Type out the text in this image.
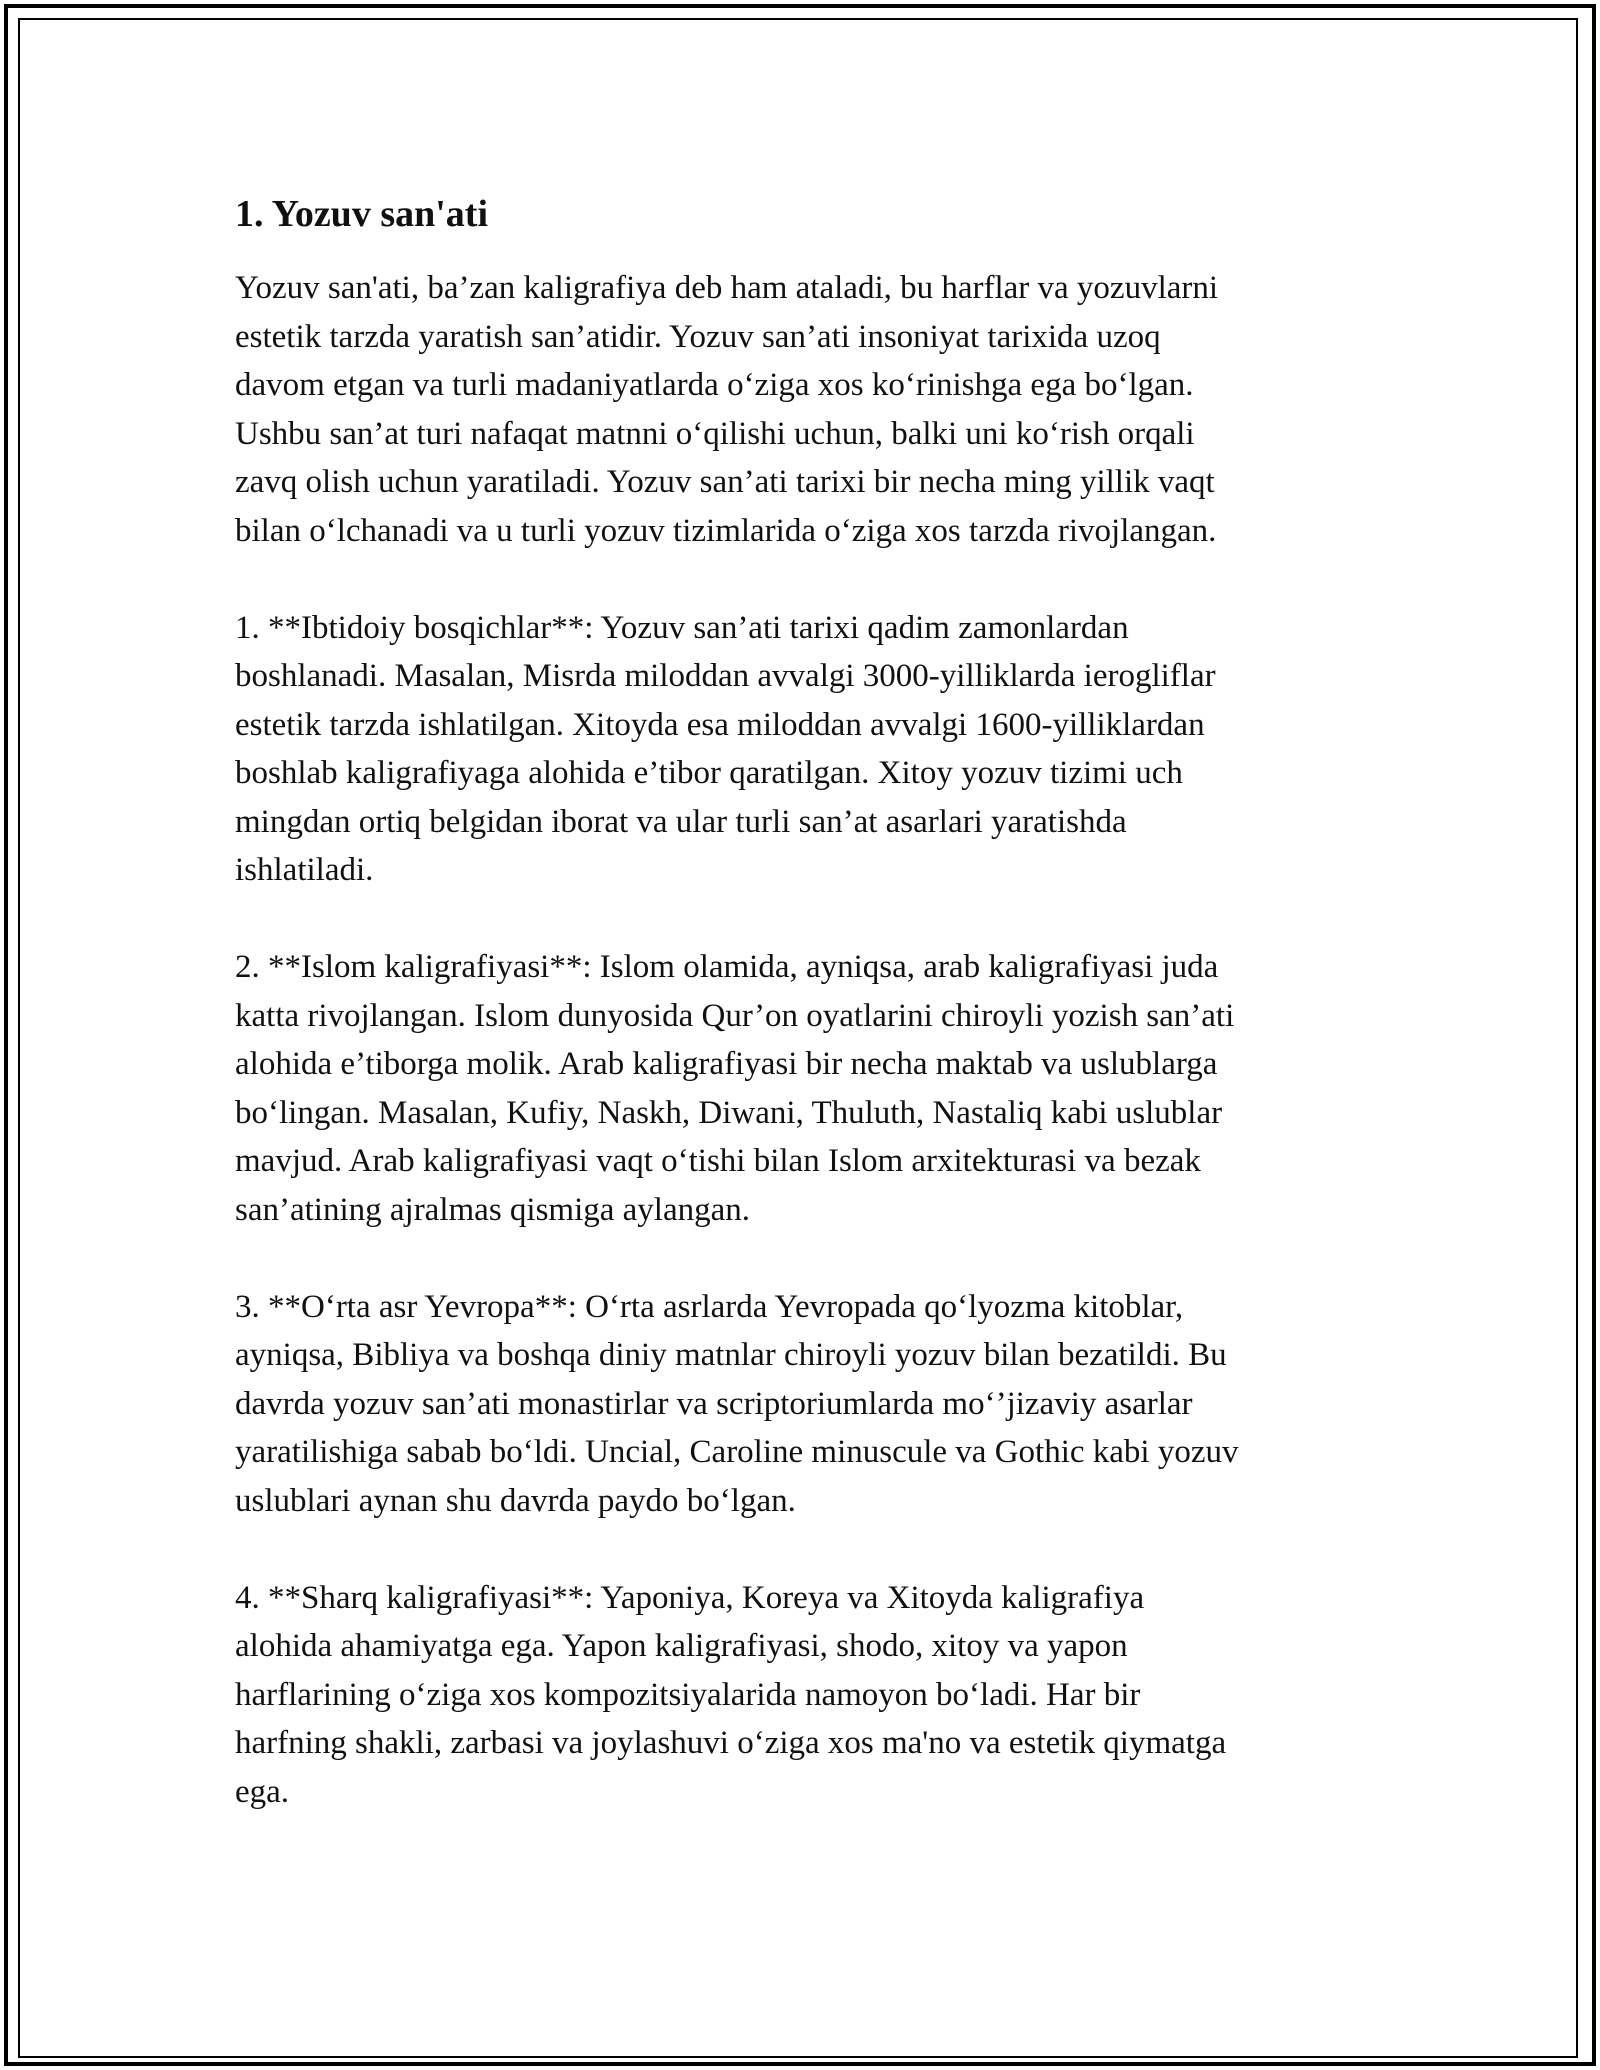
1. Yozuv san'ati

Yozuv san'ati, ba’zan kaligrafiya deb ham ataladi, bu harflar va yozuvlarni
estetik tarzda yaratish san’atidir. Yozuv san’ati insoniyat tarixida uzoq
davom etgan va turli madaniyatlarda o‘ziga xos ko‘rinishga ega bo‘lgan.
Ushbu san’at turi nafaqat matnni o‘qilishi uchun, balki uni ko‘rish orqali
zavq olish uchun yaratiladi. Yozuv san’ati tarixi bir necha ming yillik vaqt
bilan o‘lchanadi va u turli yozuv tizimlarida o‘ziga xos tarzda rivojlangan.

1. **Ibtidoiy bosqichlar**: Yozuv san’ati tarixi qadim zamonlardan
boshlanadi. Masalan, Misrda miloddan avvalgi 3000-yilliklarda ierogliflar
estetik tarzda ishlatilgan. Xitoyda esa miloddan avvalgi 1600-yilliklardan
boshlab kaligrafiyaga alohida e’tibor qaratilgan. Xitoy yozuv tizimi uch
mingdan ortiq belgidan iborat va ular turli san’at asarlari yaratishda
ishlatiladi.

2. **Islom kaligrafiyasi**: Islom olamida, ayniqsa, arab kaligrafiyasi juda
katta rivojlangan. Islom dunyosida Qur’on oyatlarini chiroyli yozish san’ati
alohida e’tiborga molik. Arab kaligrafiyasi bir necha maktab va uslublarga
bo‘lingan. Masalan, Kufiy, Naskh, Diwani, Thuluth, Nastaliq kabi uslublar
mavjud. Arab kaligrafiyasi vaqt o‘tishi bilan Islom arxitekturasi va bezak
san’atining ajralmas qismiga aylangan.

3. **O‘rta asr Yevropa**: O‘rta asrlarda Yevropada qo‘lyozma kitoblar,
ayniqsa, Bibliya va boshqa diniy matnlar chiroyli yozuv bilan bezatildi. Bu
davrda yozuv san’ati monastirlar va scriptoriumlarda mo‘’jizaviy asarlar
yaratilishiga sabab bo‘ldi. Uncial, Caroline minuscule va Gothic kabi yozuv
uslublari aynan shu davrda paydo bo‘lgan.

4. **Sharq kaligrafiyasi**: Yaponiya, Koreya va Xitoyda kaligrafiya
alohida ahamiyatga ega. Yapon kaligrafiyasi, shodo, xitoy va yapon
harflarining o‘ziga xos kompozitsiyalarida namoyon bo‘ladi. Har bir
harfning shakli, zarbasi va joylashuvi o‘ziga xos ma'no va estetik qiymatga
ega.
